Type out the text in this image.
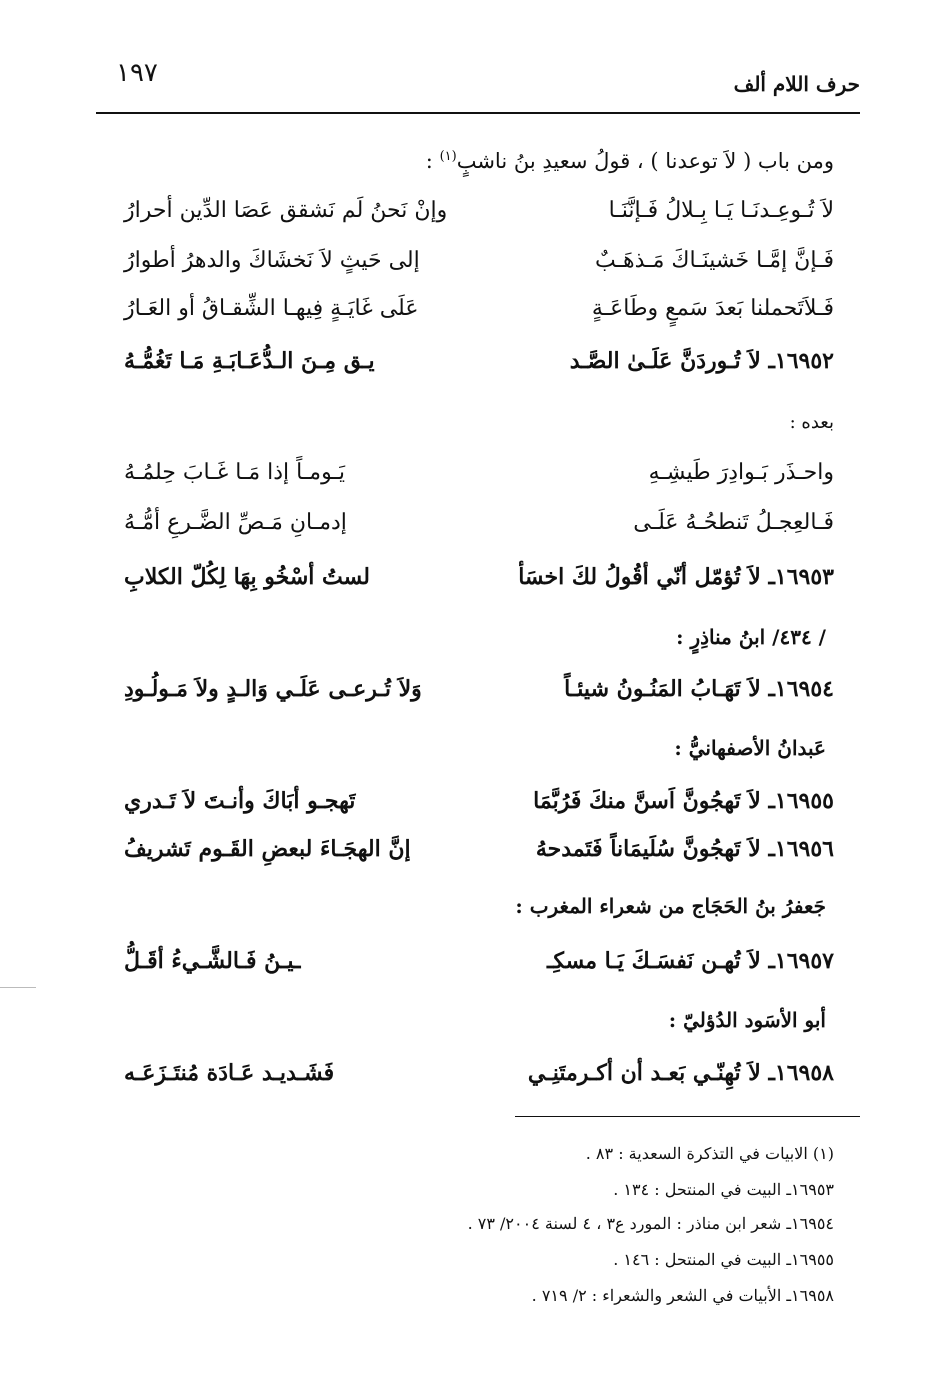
حرف اللام ألف
١٩٧
ومن باب ( لاَ توعدنا ) ، قولُ سعيدِ بنُ ناشبٍ$^{(١)}$ :
لاَ تُـوعِـدنَـا يَـا بِـلالُ فَـإنَّنَـا
وإنْ نَحنُ لَم نَشقق عَصَا الدِّين أحرارُ
فَـإنَّ إمَّـا خَشينَـاكَ مَـذهَـبٌ
إلى حَيثٍ لاَ نَخشَاكَ والدهرُ أطوارُ
فَـلاَتَحملنا بَعدَ سَمعٍ وطَاعَـةٍ
عَلَى غَايَـةٍ فِيهـا الشِّقـاقُ أو العَـارُ
١٦٩٥٢ـ لاَ تُـوردَنَّ عَلَـىٰ الصَّـد
يـق مِـنَ الـدُّعَـابَـةِ مَـا تَغُمُّـهُ
بعده :
واحـذَر بَـوادِرَ طَيشِـهِ
يَـومـاً إذا مَـا غَـابَ حِلمُـهُ
فَـالعِجـلُ تَنطحُـهُ عَلَـى
إدمـانِ مَـصِّ الضَّـرعِ أمُّـهُ
١٦٩٥٣ـ لاَ تُؤمّل أنّي أقُولُ لكَ اخسَأ
لستُ أسْخُو بِهَا لِكُلّ الكلابِ
/ ٤٣٤/ ابنُ مناذِرٍ :
١٦٩٥٤ـ لاَ تَهَـابُ المَنُـونُ شيئـاً
وَلاَ تُـرعـى عَلَـي وَالـدٍ ولاَ مَـولُـودِ
عَبدانُ الأصفهانيُّ :
١٦٩٥٥ـ لاَ تَهجُونَّ اَسنَّ منكَ فَرُبَّمَا
تَهجـو أبَاكَ وأنـتَ لاَ تَـدري
١٦٩٥٦ـ لاَ تَهجُونَّ سُلَيمَاناً فَتَمدحهُ
إنَّ الهجَـاءَ لبعضِ القَـوم تَشريفُ
جَعفرُ بنُ الحَجَاج من شعراء المغرب :
١٦٩٥٧ـ لاَ تُهـن نَفسَـكَ يَـا مسكِـ
ـيـنُ فَـالشَّـيءُ أقَـلُّ
أبو الأسَود الدُؤليّ :
١٦٩٥٨ـ لاَ تُهِنّـي بَعـد أن أكـرمتَنِـي
فَشَـديـد عَـادَة مُنتَـزَعَـه
(١) الابيات في التذكرة السعدية : ٨٣ .
١٦٩٥٣ـ البيت في المنتحل : ١٣٤ .
١٦٩٥٤ـ شعر ابن مناذر : المورد ع٣ ، ٤ لسنة ٢٠٠٤/ ٧٣ .
١٦٩٥٥ـ البيت في المنتحل : ١٤٦ .
١٦٩٥٨ـ الأبيات في الشعر والشعراء : ٢/ ٧١٩ .
